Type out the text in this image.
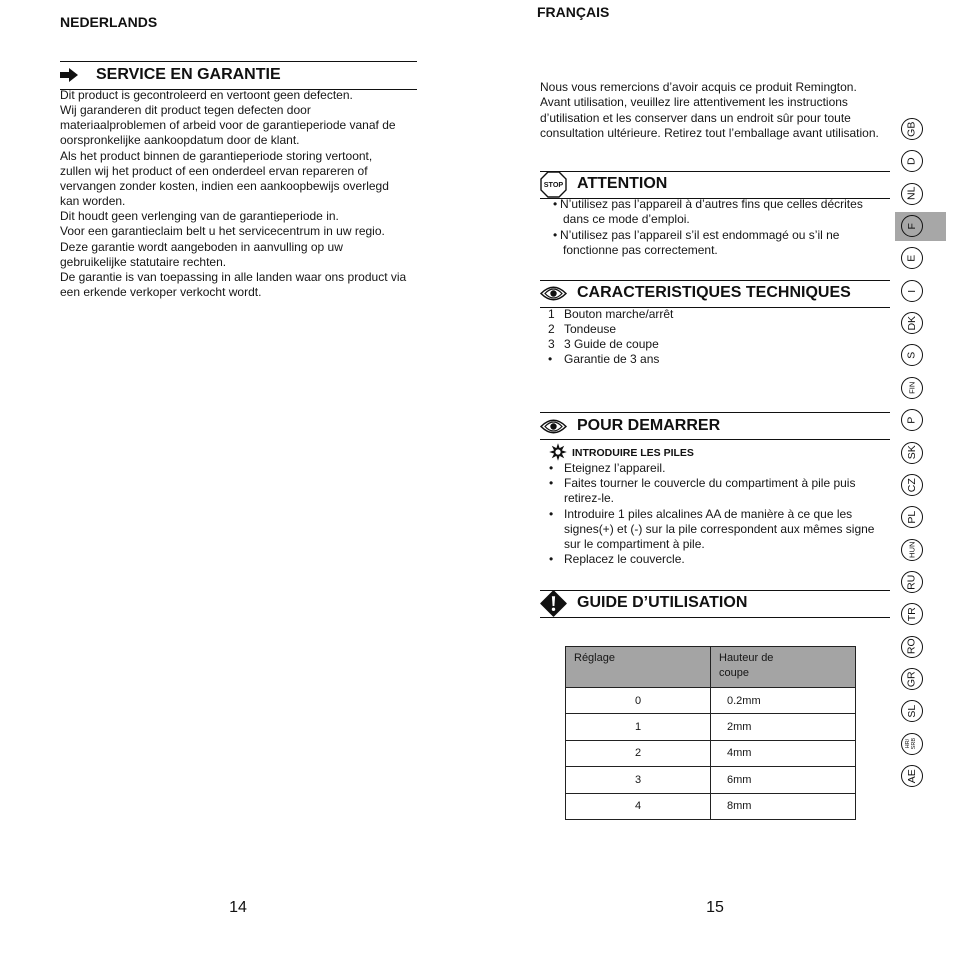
NEDERLANDS
SERVICE EN GARANTIE
Dit product is gecontroleerd en vertoont geen defecten.
Wij garanderen dit product tegen defecten door
materiaalproblemen of arbeid voor de garantieperiode vanaf de
oorspronkelijke aankoopdatum door de klant.
Als het product binnen de garantieperiode storing vertoont,
zullen wij het product of een onderdeel ervan repareren of
vervangen zonder kosten, indien een aankoopbewijs overlegd
kan worden.
Dit houdt geen verlenging van de garantieperiode in.
Voor een garantieclaim belt u het servicecentrum in uw regio.
Deze garantie wordt aangeboden in aanvulling op uw
gebruikelijke statutaire rechten.
De garantie is van toepassing in alle landen waar ons product via
een erkende verkoper verkocht wordt.
14
FRANÇAIS
Nous vous remercions d’avoir acquis ce produit Remington.
Avant utilisation, veuillez lire attentivement les instructions
d’utilisation et les conserver dans un endroit sûr pour toute
consultation ultérieure. Retirez tout l’emballage avant utilisation.
STOP ATTENTION
• N’utilisez pas l’appareil à d’autres fins que celles décrites
dans ce mode d’emploi.
• N’utilisez pas l’appareil s’il est endommagé ou s’il ne
fonctionne pas correctement.
CARACTERISTIQUES TECHNIQUES
1 Bouton marche/arrêt
2 Tondeuse
3 3 Guide de coupe
• Garantie de 3 ans
POUR DEMARRER
INTRODUIRE LES PILES
• Eteignez l’appareil.
• Faites tourner le couvercle du compartiment à pile puis
retirez-le.
• Introduire 1 piles alcalines AA de manière à ce que les
signes(+) et (-) sur la pile correspondent aux mêmes signe
sur le compartiment à pile.
• Replacez le couvercle.
GUIDE D’UTILISATION
Réglage	Hauteur de
coupe

0	0.2mm
1	2mm
2	4mm
3	6mm
4	8mm
15
GB
D
NL
F
E
I
DK
S
FIN
P
SK
CZ
PL
HUN
RU
TR
RO
GR
SL
HR/ SRB
AE
